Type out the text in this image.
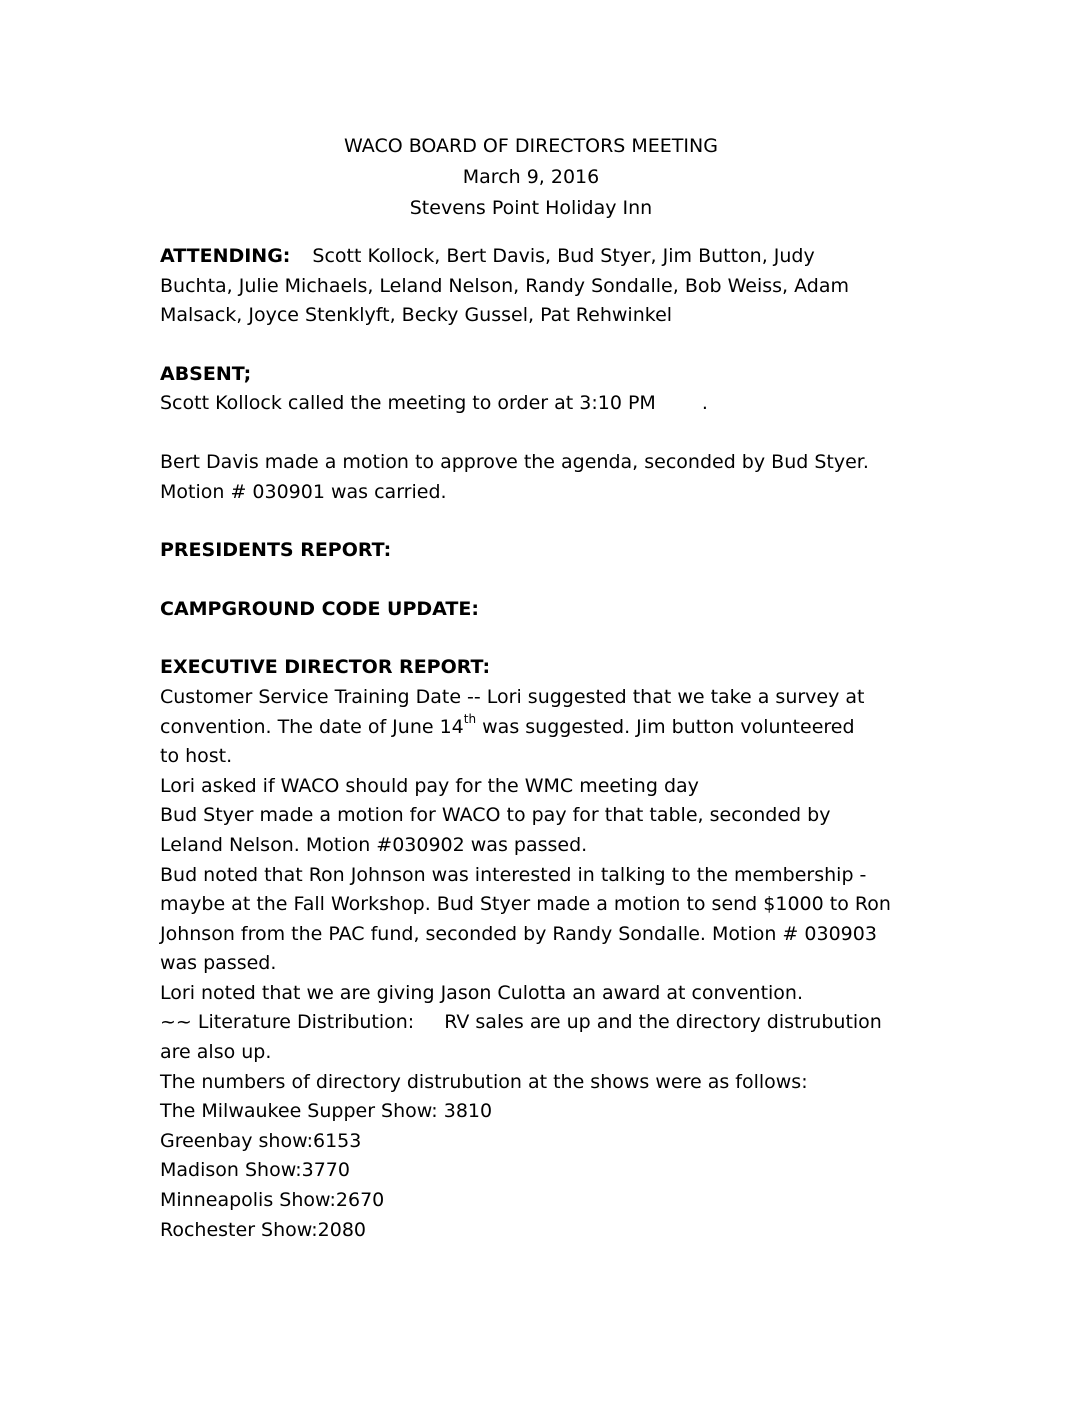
WACO BOARD OF DIRECTORS MEETING
March 9, 2016
Stevens Point Holiday Inn
ATTENDING: Scott Kollock, Bert Davis, Bud Styer, Jim Button, Judy
Buchta, Julie Michaels, Leland Nelson, Randy Sondalle, Bob Weiss, Adam
Malsack, Joyce Stenklyft, Becky Gussel, Pat Rehwinkel
ABSENT;
Scott Kollock called the meeting to order at 3:10 PM .
Bert Davis made a motion to approve the agenda, seconded by Bud Styer.
Motion # 030901 was carried.
PRESIDENTS REPORT:
CAMPGROUND CODE UPDATE:
EXECUTIVE DIRECTOR REPORT:
Customer Service Training Date -- Lori suggested that we take a survey at
convention. The date of June 14th was suggested. Jim button volunteered
to host.
Lori asked if WACO should pay for the WMC meeting day
Bud Styer made a motion for WACO to pay for that table, seconded by
Leland Nelson. Motion #030902 was passed.
Bud noted that Ron Johnson was interested in talking to the membership -
maybe at the Fall Workshop. Bud Styer made a motion to send $1000 to Ron
Johnson from the PAC fund, seconded by Randy Sondalle. Motion # 030903
was passed.
Lori noted that we are giving Jason Culotta an award at convention.
~~ Literature Distribution: RV sales are up and the directory distrubution
are also up.
The numbers of directory distrubution at the shows were as follows:
The Milwaukee Supper Show: 3810
Greenbay show:6153
Madison Show:3770
Minneapolis Show:2670
Rochester Show:2080
